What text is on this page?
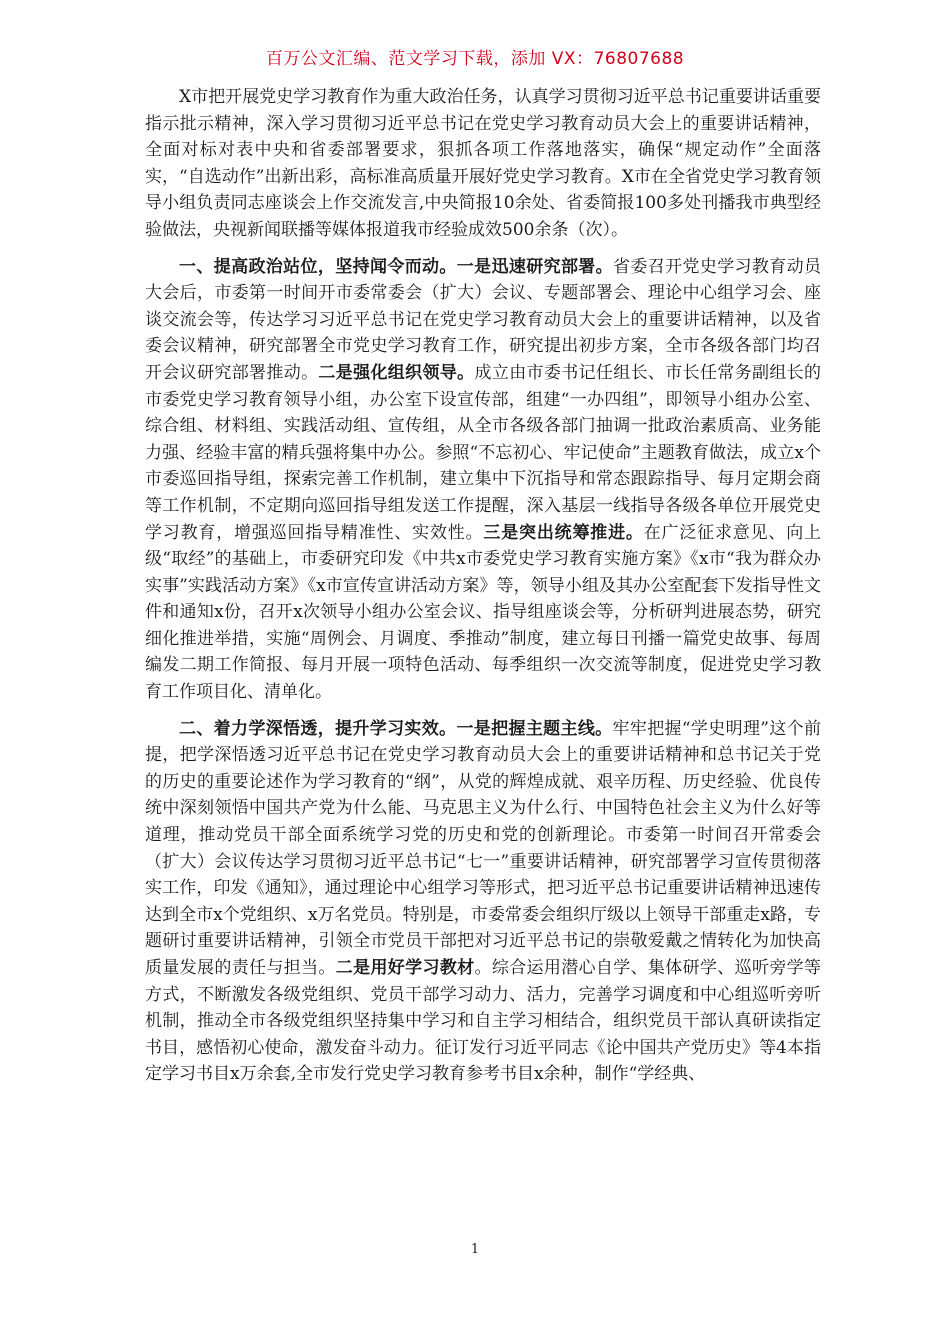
百万公文汇编、范文学习下载，添加 VX：76807688

X市把开展党史学习教育作为重大政治任务，认真学习贯彻习近平总书记重要讲话重要指示批示精神，深入学习贯彻习近平总书记在党史学习教育动员大会上的重要讲话精神，全面对标对表中央和省委部署要求，狠抓各项工作落地落实，确保“规定动作”全面落实，“自选动作”出新出彩，高标准高质量开展好党史学习教育。X市在全省党史学习教育领导小组负责同志座谈会上作交流发言,中央简报10余处、省委简报100多处刊播我市典型经验做法，央视新闻联播等媒体报道我市经验成效500余条（次）。

一、提高政治站位，坚持闻令而动。一是迅速研究部署。省委召开党史学习教育动员大会后，市委第一时间开市委常委会（扩大）会议、专题部署会、理论中心组学习会、座谈交流会等，传达学习习近平总书记在党史学习教育动员大会上的重要讲话精神，以及省委会议精神，研究部署全市党史学习教育工作，研究提出初步方案，全市各级各部门均召开会议研究部署推动。二是强化组织领导。成立由市委书记任组长、市长任常务副组长的市委党史学习教育领导小组，办公室下设宣传部，组建“一办四组”，即领导小组办公室、综合组、材料组、实践活动组、宣传组，从全市各级各部门抽调一批政治素质高、业务能力强、经验丰富的精兵强将集中办公。参照“不忘初心、牢记使命”主题教育做法，成立x个市委巡回指导组，探索完善工作机制，建立集中下沉指导和常态跟踪指导、每月定期会商等工作机制，不定期向巡回指导组发送工作提醒，深入基层一线指导各级各单位开展党史学习教育，增强巡回指导精准性、实效性。三是突出统筹推进。在广泛征求意见、向上级“取经”的基础上，市委研究印发《中共x市委党史学习教育实施方案》《x市“我为群众办实事”实践活动方案》《x市宣传宣讲活动方案》等，领导小组及其办公室配套下发指导性文件和通知x份，召开x次领导小组办公室会议、指导组座谈会等，分析研判进展态势，研究细化推进举措，实施“周例会、月调度、季推动”制度，建立每日刊播一篇党史故事、每周编发二期工作简报、每月开展一项特色活动、每季组织一次交流等制度，促进党史学习教育工作项目化、清单化。

二、着力学深悟透，提升学习实效。一是把握主题主线。牢牢把握“学史明理”这个前提，把学深悟透习近平总书记在党史学习教育动员大会上的重要讲话精神和总书记关于党的历史的重要论述作为学习教育的“纲”，从党的辉煌成就、艰辛历程、历史经验、优良传统中深刻领悟中国共产党为什么能、马克思主义为什么行、中国特色社会主义为什么好等道理，推动党员干部全面系统学习党的历史和党的创新理论。市委第一时间召开常委会（扩大）会议传达学习贯彻习近平总书记“七一”重要讲话精神，研究部署学习宣传贯彻落实工作，印发《通知》，通过理论中心组学习等形式，把习近平总书记重要讲话精神迅速传达到全市x个党组织、x万名党员。特别是，市委常委会组织厅级以上领导干部重走x路，专题研讨重要讲话精神，引领全市党员干部把对习近平总书记的崇敬爱戴之情转化为加快高质量发展的责任与担当。二是用好学习教材。综合运用潜心自学、集体研学、巡听旁学等方式，不断激发各级党组织、党员干部学习动力、活力，完善学习调度和中心组巡听旁听机制，推动全市各级党组织坚持集中学习和自主学习相结合，组织党员干部认真研读指定书目，感悟初心使命，激发奋斗动力。征订发行习近平同志《论中国共产党历史》等4本指定学习书目x万余套,全市发行党史学习教育参考书目x余种，制作“学经典、

1
